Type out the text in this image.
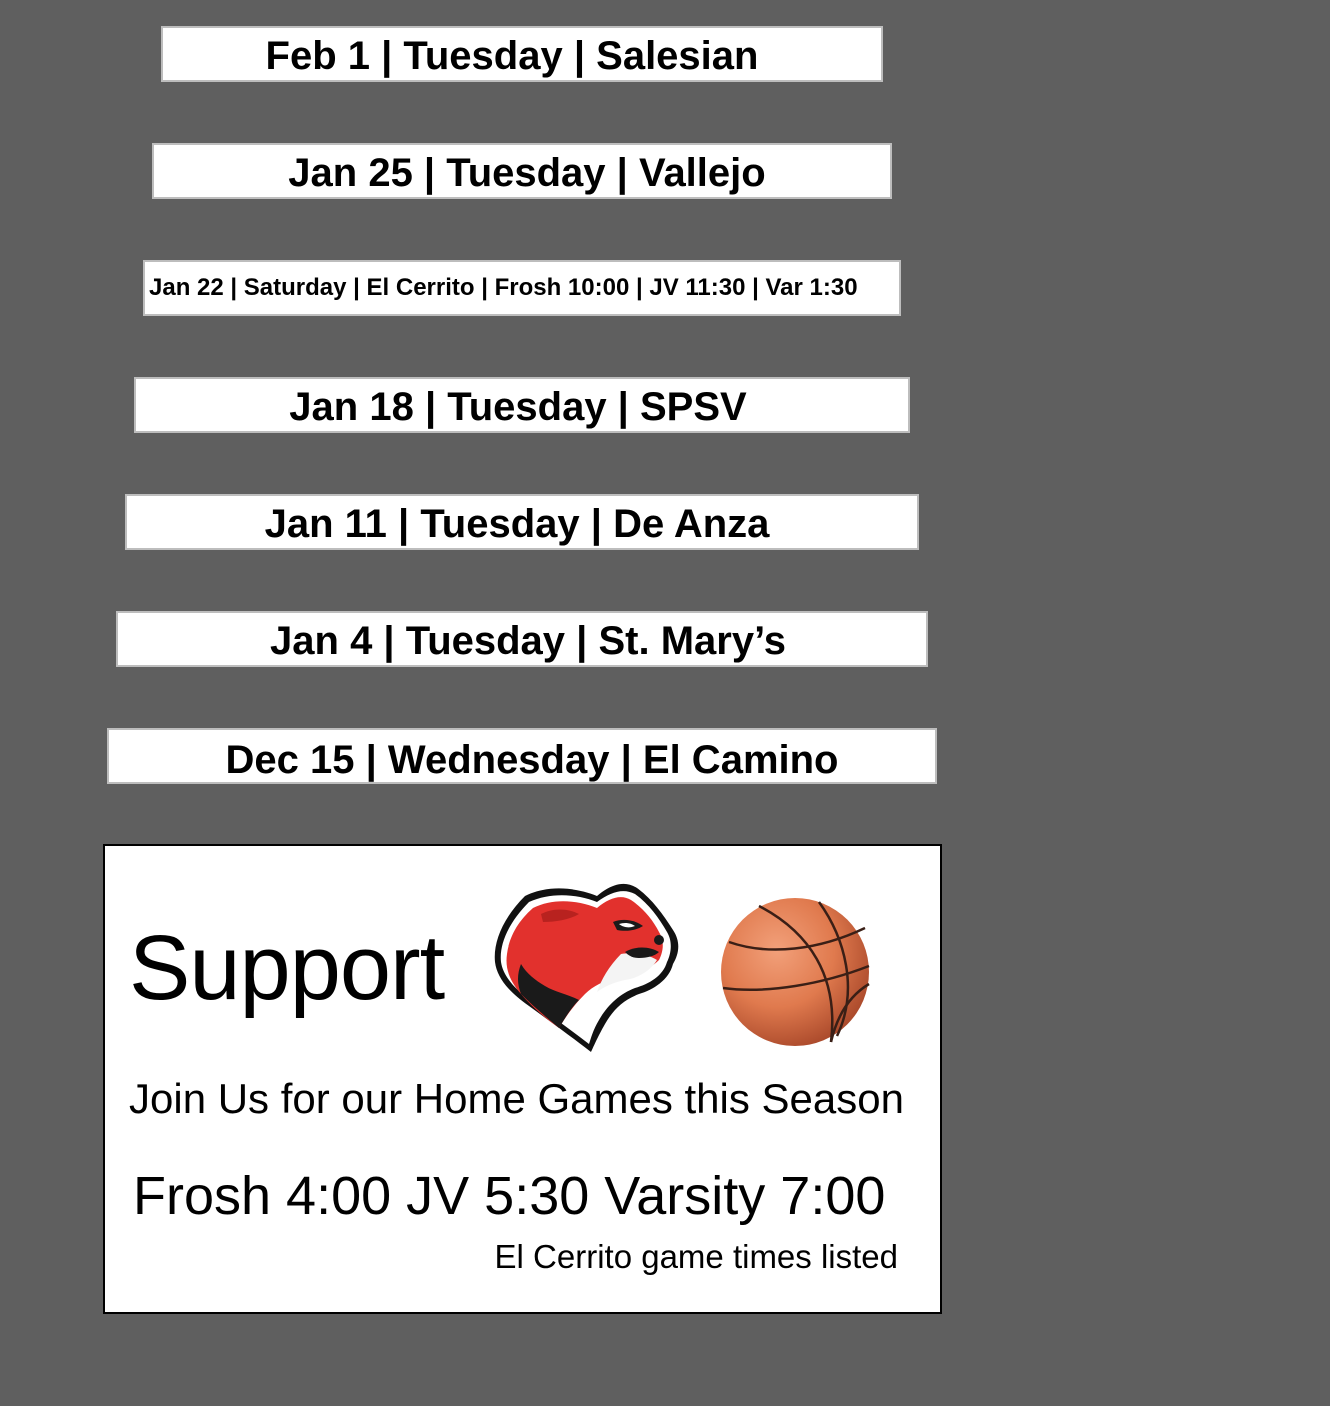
Feb 1 | Tuesday | Salesian
Jan 25 | Tuesday | Vallejo
Jan 22 | Saturday | El Cerrito | Frosh 10:00 | JV 11:30 | Var 1:30
Jan 18 | Tuesday | SPSV
Jan 11 | Tuesday | De Anza
Jan 4 | Tuesday | St. Mary’s
Dec 15 | Wednesday | El Camino
Support
Join Us for our Home Games this Season
Frosh 4:00 JV 5:30 Varsity 7:00
El Cerrito game times listed
